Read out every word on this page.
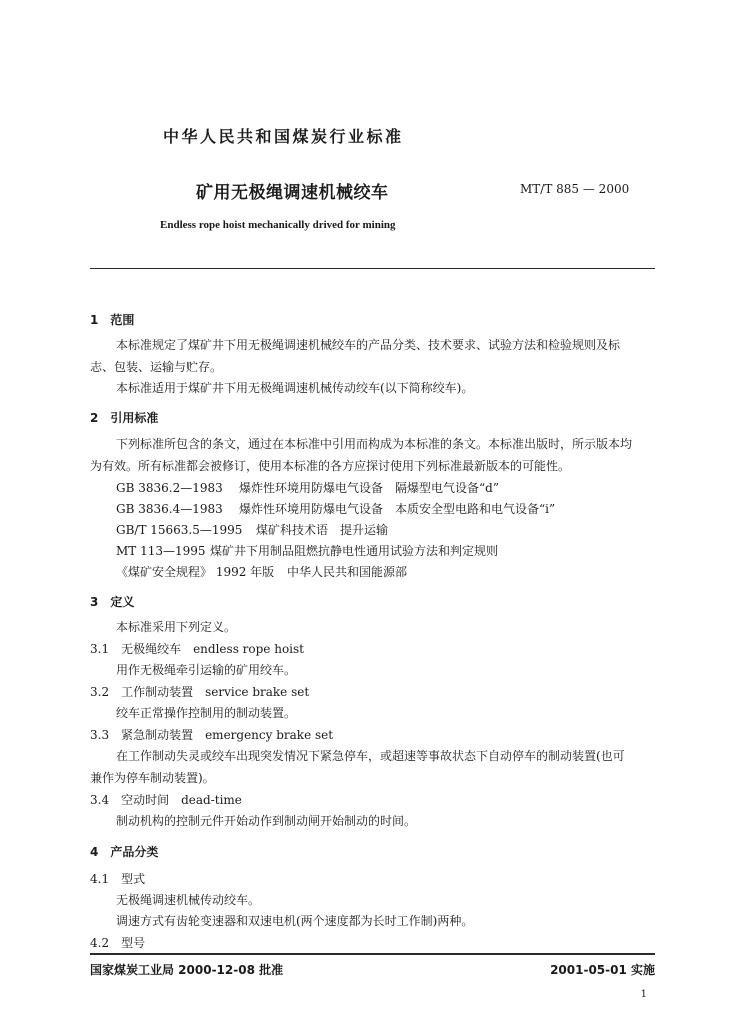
中华人民共和国煤炭行业标准
矿用无极绳调速机械绞车	MT/T 885 — 2000
Endless rope hoist mechanically drived for mining
1　范围
本标准规定了煤矿井下用无极绳调速机械绞车的产品分类、技术要求、试验方法和检验规则及标
志、包装、运输与贮存。
本标准适用于煤矿井下用无极绳调速机械传动绞车(以下简称绞车)。
2　引用标准
下列标准所包含的条文，通过在本标准中引用而构成为本标准的条文。本标准出版时，所示版本均
为有效。所有标准都会被修订，使用本标准的各方应探讨使用下列标准最新版本的可能性。
GB 3836.2—1983 爆炸性环境用防爆电气设备　隔爆型电气设备“d”
GB 3836.4—1983 爆炸性环境用防爆电气设备　本质安全型电路和电气设备“i”
GB/T 15663.5—1995 煤矿科技术语　提升运输
MT 113—1995 煤矿井下用制品阻燃抗静电性通用试验方法和判定规则
《煤矿安全规程》 1992 年版 中华人民共和国能源部
3　定义
本标准采用下列定义。
3.1　无极绳绞车　endless rope hoist
用作无极绳牵引运输的矿用绞车。
3.2　工作制动装置　service brake set
绞车正常操作控制用的制动装置。
3.3　紧急制动装置　emergency brake set
在工作制动失灵或绞车出现突发情况下紧急停车，或超速等事故状态下自动停车的制动装置(也可
兼作为停车制动装置)。
3.4　空动时间　dead-time
制动机构的控制元件开始动作到制动闸开始制动的时间。
4　产品分类
4.1　型式
无极绳调速机械传动绞车。
调速方式有齿轮变速器和双速电机(两个速度都为长时工作制)两种。
4.2　型号
国家煤炭工业局 2000-12-08 批准	2001-05-01 实施
1
